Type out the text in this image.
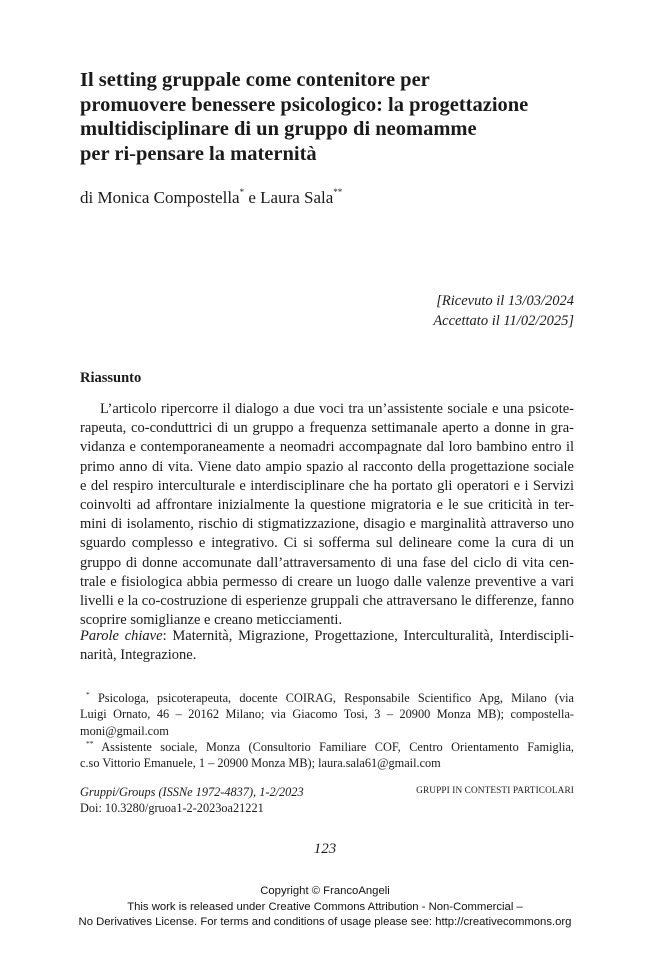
Il setting gruppale come contenitore per
promuovere benessere psicologico: la progettazione
multidisciplinare di un gruppo di neomamme
per ri-pensare la maternità
di Monica Compostella* e Laura Sala**
[Ricevuto il 13/03/2024
Accettato il 11/02/2025]
Riassunto
L’articolo ripercorre il dialogo a due voci tra un’assistente sociale e una psicote-
rapeuta, co-conduttrici di un gruppo a frequenza settimanale aperto a donne in gra-
vidanza e contemporaneamente a neomadri accompagnate dal loro bambino entro il
primo anno di vita. Viene dato ampio spazio al racconto della progettazione sociale
e del respiro interculturale e interdisciplinare che ha portato gli operatori e i Servizi
coinvolti ad affrontare inizialmente la questione migratoria e le sue criticità in ter-
mini di isolamento, rischio di stigmatizzazione, disagio e marginalità attraverso uno
sguardo complesso e integrativo. Ci si sofferma sul delineare come la cura di un
gruppo di donne accomunate dall’attraversamento di una fase del ciclo di vita cen-
trale e fisiologica abbia permesso di creare un luogo dalle valenze preventive a vari
livelli e la co-costruzione di esperienze gruppali che attraversano le differenze, fanno
scoprire somiglianze e creano meticciamenti.
Parole chiave: Maternità, Migrazione, Progettazione, Interculturalità, Interdiscipli-
narità, Integrazione.
* Psicologa, psicoterapeuta, docente COIRAG, Responsabile Scientifico Apg, Milano (via
Luigi Ornato, 46 – 20162 Milano; via Giacomo Tosi, 3 – 20900 Monza MB); compostella-
moni@gmail.com
** Assistente sociale, Monza (Consultorio Familiare COF, Centro Orientamento Famiglia,
c.so Vittorio Emanuele, 1 – 20900 Monza MB); laura.sala61@gmail.com
Gruppi/Groups (ISSNe 1972-4837), 1-2/2023
Doi: 10.3280/gruoa1-2-2023oa21221
GRUPPI IN CONTESTI PARTICOLARI
123
Copyright © FrancoAngeli
This work is released under Creative Commons Attribution - Non-Commercial –
No Derivatives License. For terms and conditions of usage please see: http://creativecommons.org
